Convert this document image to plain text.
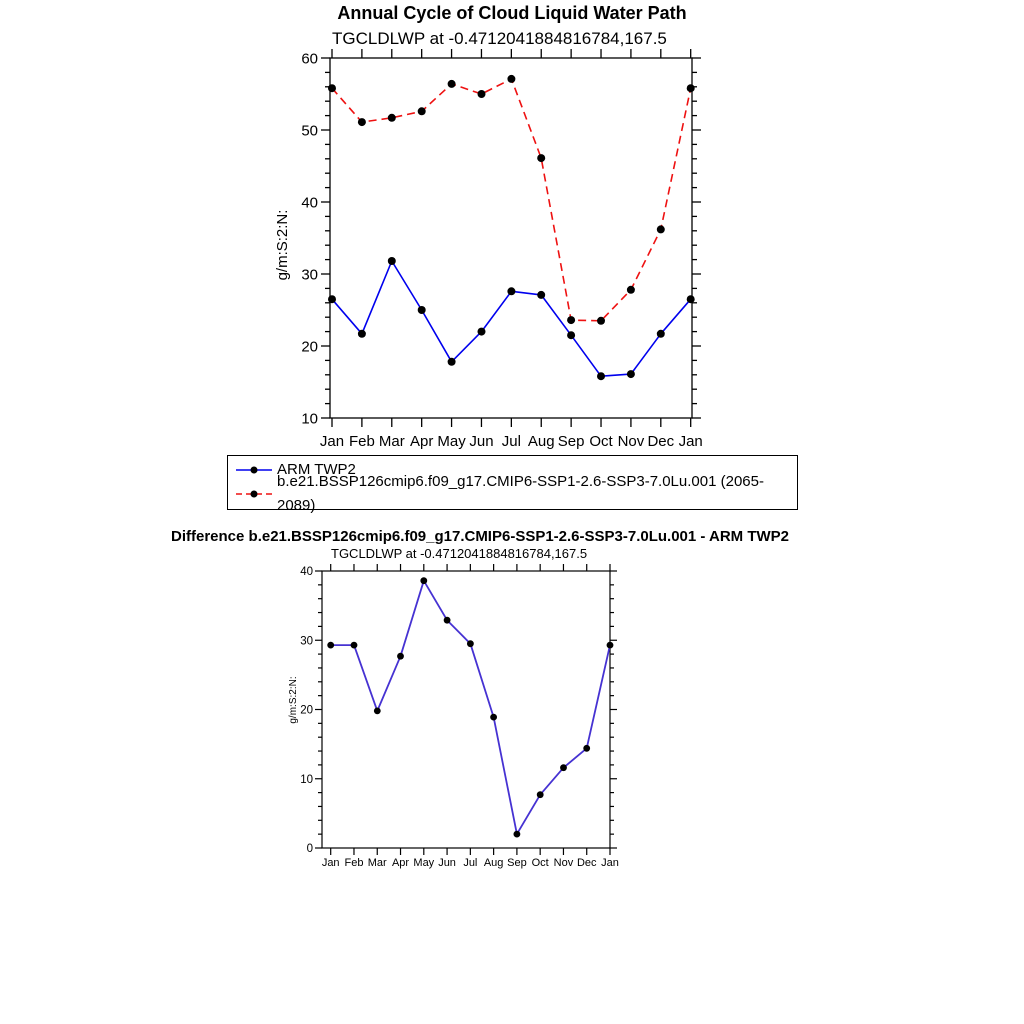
10
20
30
40
50
60
Jan Feb Mar Apr May Jun Jul Aug Sep Oct Nov Dec Jan
g/m:S:2:N:
0
10
20
30
40
Jan Feb Mar Apr May Jun Jul Aug Sep Oct Nov Dec Jan
g/m:S:2:N:
Annual Cycle of Cloud Liquid Water Path
TGCLDLWP at -0.4712041884816784,167.5
ARM TWP2
b.e21.BSSP126cmip6.f09_g17.CMIP6-SSP1-2.6-SSP3-7.0Lu.001 (2065-2089)
Difference b.e21.BSSP126cmip6.f09_g17.CMIP6-SSP1-2.6-SSP3-7.0Lu.001 - ARM TWP2
TGCLDLWP at -0.4712041884816784,167.5
